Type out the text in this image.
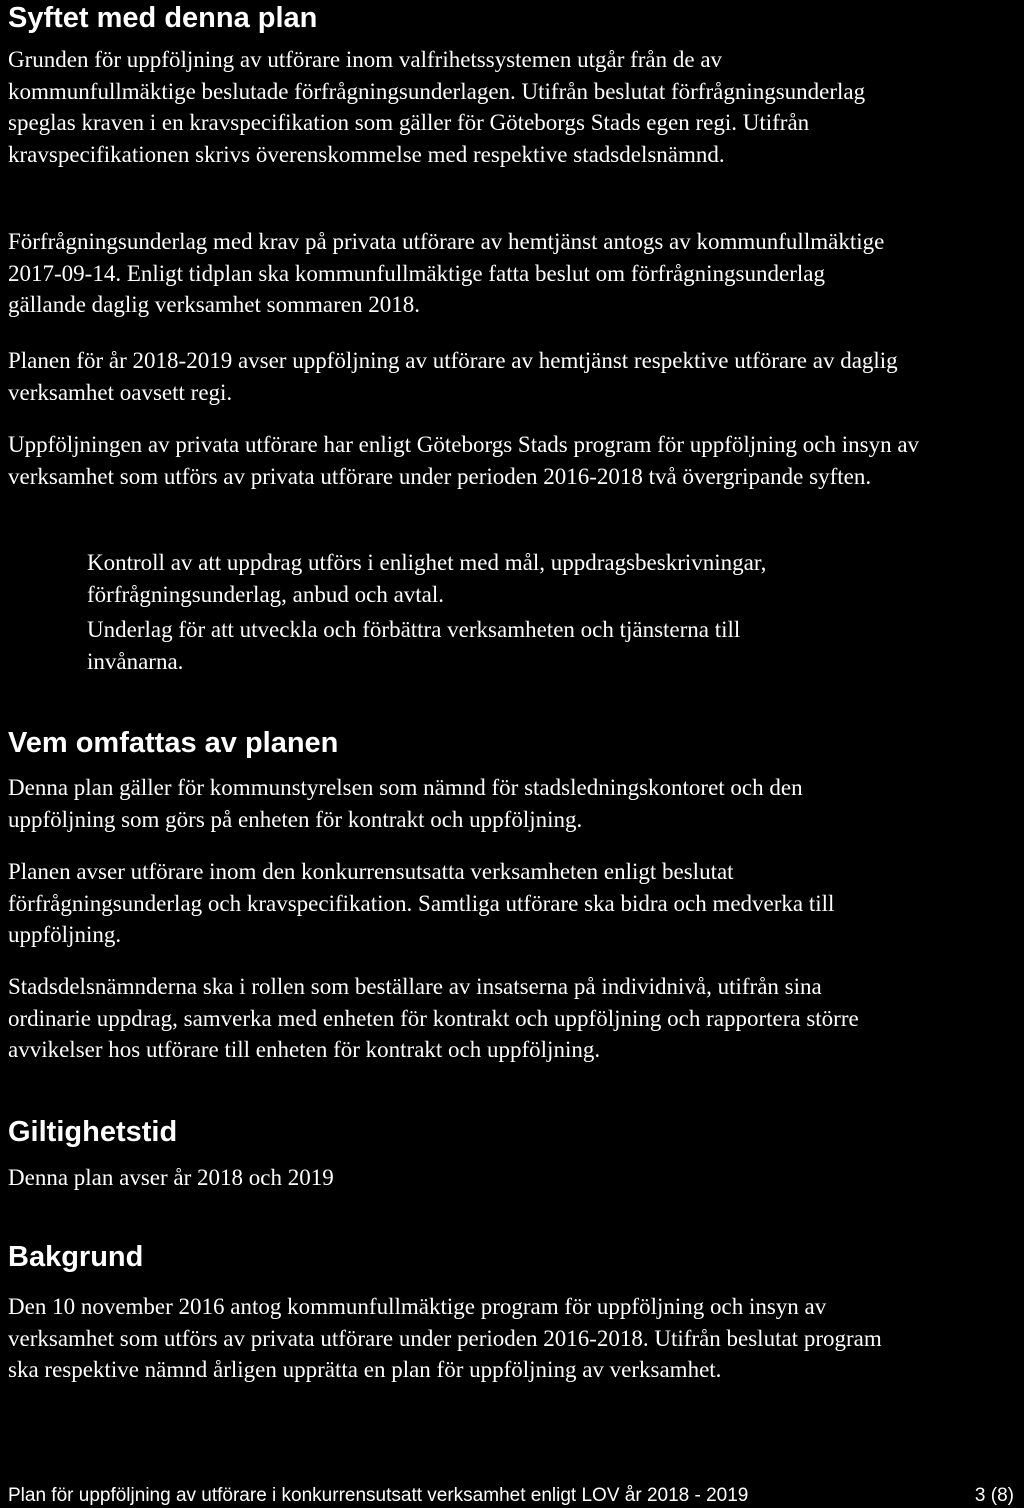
Syftet med denna plan

Grunden för uppföljning av utförare inom valfrihetssystemen utgår från de av kommunfullmäktige beslutade förfrågningsunderlagen. Utifrån beslutat förfrågningsunderlag speglas kraven i en kravspecifikation som gäller för Göteborgs Stads egen regi. Utifrån kravspecifikationen skrivs överenskommelse med respektive stadsdelsnämnd.

Förfrågningsunderlag med krav på privata utförare av hemtjänst antogs av kommunfullmäktige 2017-09-14. Enligt tidplan ska kommunfullmäktige fatta beslut om förfrågningsunderlag gällande daglig verksamhet sommaren 2018.

Planen för år 2018-2019 avser uppföljning av utförare av hemtjänst respektive utförare av daglig verksamhet oavsett regi.

Uppföljningen av privata utförare har enligt Göteborgs Stads program för uppföljning och insyn av verksamhet som utförs av privata utförare under perioden 2016-2018 två övergripande syften.

Kontroll av att uppdrag utförs i enlighet med mål, uppdragsbeskrivningar, förfrågningsunderlag, anbud och avtal.

Underlag för att utveckla och förbättra verksamheten och tjänsterna till invånarna.

Vem omfattas av planen

Denna plan gäller för kommunstyrelsen som nämnd för stadsledningskontoret och den uppföljning som görs på enheten för kontrakt och uppföljning.

Planen avser utförare inom den konkurrensutsatta verksamheten enligt beslutat förfrågningsunderlag och kravspecifikation. Samtliga utförare ska bidra och medverka till uppföljning.

Stadsdelsnämnderna ska i rollen som beställare av insatserna på individnivå, utifrån sina ordinarie uppdrag, samverka med enheten för kontrakt och uppföljning och rapportera större avvikelser hos utförare till enheten för kontrakt och uppföljning.

Giltighetstid

Denna plan avser år 2018 och 2019

Bakgrund

Den 10 november 2016 antog kommunfullmäktige program för uppföljning och insyn av verksamhet som utförs av privata utförare under perioden 2016-2018. Utifrån beslutat program ska respektive nämnd årligen upprätta en plan för uppföljning av verksamhet.

Plan för uppföljning av utförare i konkurrensutsatt verksamhet enligt LOV år 2018 - 2019	3 (8)
